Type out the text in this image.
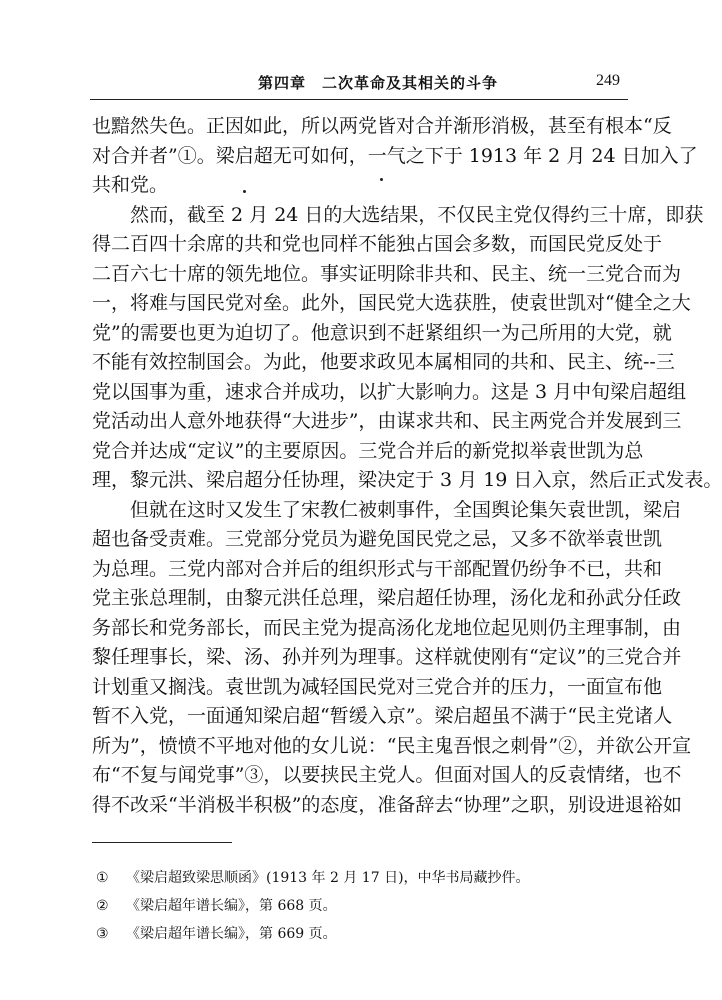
第四章　二次革命及其相关的斗争	249
也黯然失色。正因如此，所以两党皆对合并渐形消极，甚至有根本“反
对合并者”①。梁启超无可如何，一气之下于 1913 年 2 月 24 日加入了
共和党。
　　然而，截至 2 月 24 日的大选结果，不仅民主党仅得约三十席，即获
得二百四十余席的共和党也同样不能独占国会多数，而国民党反处于
二百六七十席的领先地位。事实证明除非共和、民主、统一三党合而为
一，将难与国民党对垒。此外，国民党大选获胜，使袁世凯对“健全之大
党”的需要也更为迫切了。他意识到不赶紧组织一为己所用的大党，就
不能有效控制国会。为此，他要求政见本属相同的共和、民主、统--三
党以国事为重，速求合并成功，以扩大影响力。这是 3 月中旬梁启超组
党活动出人意外地获得“大进步”，由谋求共和、民主两党合并发展到三
党合并达成“定议”的主要原因。三党合并后的新党拟举袁世凯为总
理，黎元洪、梁启超分任协理，梁决定于 3 月 19 日入京，然后正式发表。
　　但就在这时又发生了宋教仁被刺事件，全国舆论集矢袁世凯，梁启
超也备受责难。三党部分党员为避免国民党之忌，又多不欲举袁世凯
为总理。三党内部对合并后的组织形式与干部配置仍纷争不已，共和
党主张总理制，由黎元洪任总理，梁启超任协理，汤化龙和孙武分任政
务部长和党务部长，而民主党为提高汤化龙地位起见则仍主理事制，由
黎任理事长，梁、汤、孙并列为理事。这样就使刚有“定议”的三党合并
计划重又搁浅。袁世凯为减轻国民党对三党合并的压力，一面宣布他
暂不入党，一面通知梁启超“暂缓入京”。梁启超虽不满于“民主党诸人
所为”，愤愤不平地对他的女儿说：“民主鬼吾恨之刺骨”②，并欲公开宣
布“不复与闻党事”③，以要挟民主党人。但面对国人的反袁情绪，也不
得不改采“半消极半积极”的态度，准备辞去“协理”之职，别设进退裕如
① 《梁启超致梁思顺函》(1913 年 2 月 17 日)，中华书局藏抄件。
② 《梁启超年谱长编》，第 668 页。
③ 《梁启超年谱长编》，第 669 页。
